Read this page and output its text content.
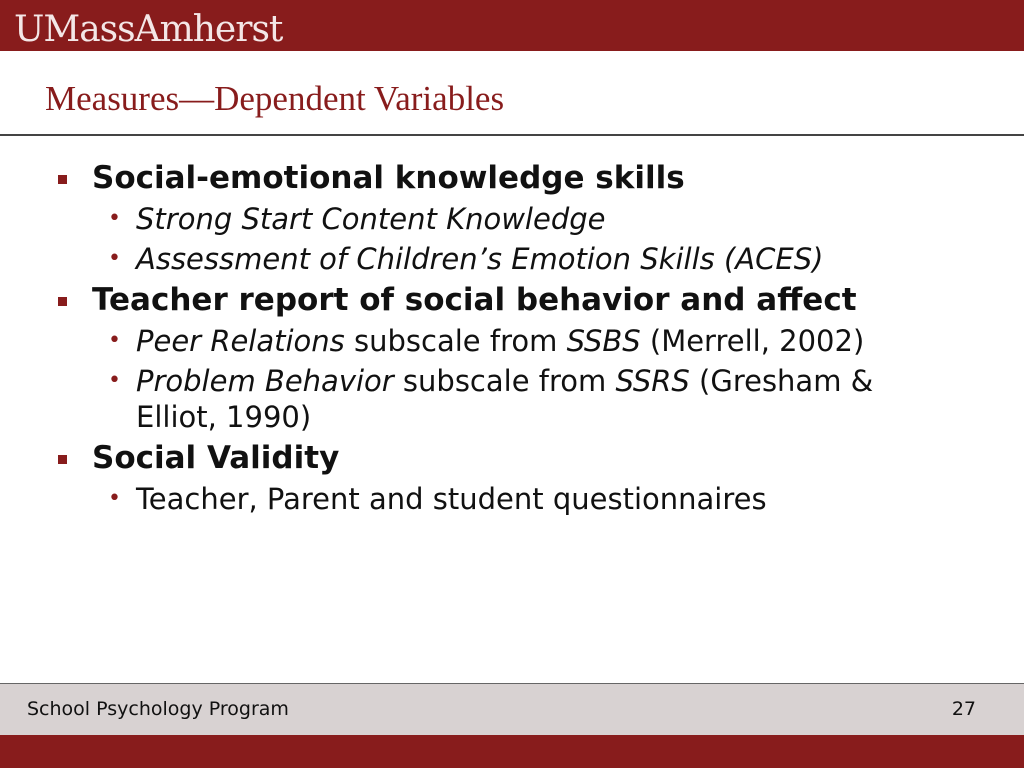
UMassAmherst
Measures—Dependent Variables
Social-emotional knowledge skills
• Strong Start Content Knowledge
• Assessment of Children’s Emotion Skills (ACES)
Teacher report of social behavior and affect
• Peer Relations subscale from SSBS (Merrell, 2002)
• Problem Behavior subscale from SSRS (Gresham & Elliot, 1990)
Social Validity
• Teacher, Parent and student questionnaires
School Psychology Program	27
